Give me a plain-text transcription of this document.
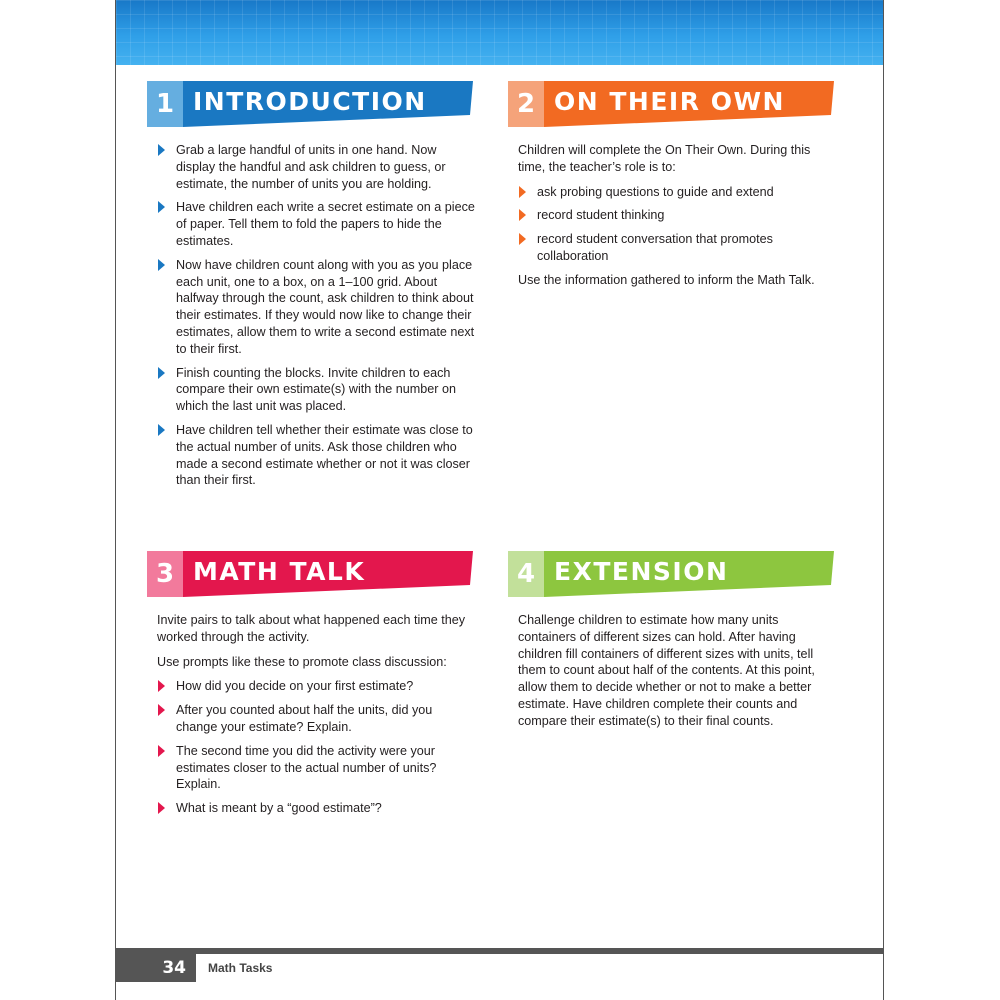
1 INTRODUCTION
Grab a large handful of units in one hand. Now display the handful and ask children to guess, or estimate, the number of units you are holding.
Have children each write a secret estimate on a piece of paper. Tell them to fold the papers to hide the estimates.
Now have children count along with you as you place each unit, one to a box, on a 1–100 grid. About halfway through the count, ask children to think about their estimates. If they would now like to change their estimates, allow them to write a second estimate next to their first.
Finish counting the blocks. Invite children to each compare their own estimate(s) with the number on which the last unit was placed.
Have children tell whether their estimate was close to the actual number of units. Ask those children who made a second estimate whether or not it was closer than their first.
2 ON THEIR OWN

Children will complete the On Their Own. During this time, the teacher’s role is to:

ask probing questions to guide and extend
record student thinking
record student conversation that promotes collaboration

Use the information gathered to inform the Math Talk.

3 MATH TALK

Invite pairs to talk about what happened each time they worked through the activity.

Use prompts like these to promote class discussion:

How did you decide on your first estimate?
After you counted about half the units, did you change your estimate? Explain.
The second time you did the activity were your estimates closer to the actual number of units? Explain.
What is meant by a “good estimate”?
4 EXTENSION

Challenge children to estimate how many units containers of different sizes can hold. After having children fill containers of different sizes with units, tell them to count about half of the contents. At this point, allow them to decide whether or not to make a better estimate. Have children complete their counts and compare their estimate(s) to their final counts.

34	Math Tasks
